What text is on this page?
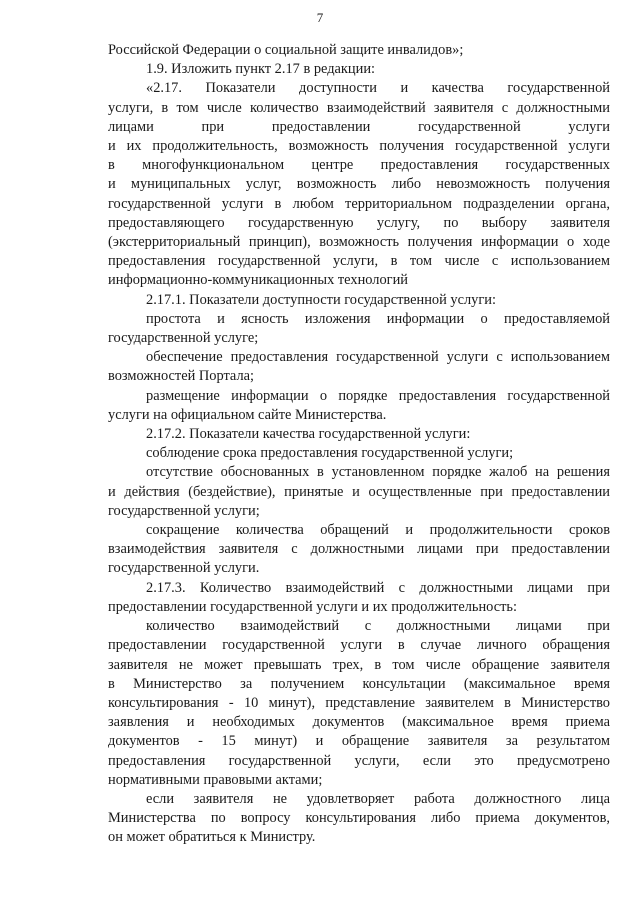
7

Российской Федерации о социальной защите инвалидов»;

1.9. Изложить пункт 2.17 в редакции:

«2.17. Показатели доступности и качества государственной
услуги, в том числе количество взаимодействий заявителя с должностными
лицами при предоставлении государственной услуги
и их продолжительность, возможность получения государственной услуги
в многофункциональном центре предоставления государственных
и муниципальных услуг, возможность либо невозможность получения
государственной услуги в любом территориальном подразделении органа,
предоставляющего государственную услугу, по выбору заявителя
(экстерриториальный принцип), возможность получения информации о ходе
предоставления государственной услуги, в том числе с использованием
информационно-коммуникационных технологий

2.17.1. Показатели доступности государственной услуги:

простота и ясность изложения информации о предоставляемой
государственной услуге;

обеспечение предоставления государственной услуги с использованием
возможностей Портала;

размещение информации о порядке предоставления государственной
услуги на официальном сайте Министерства.

2.17.2. Показатели качества государственной услуги:

соблюдение срока предоставления государственной услуги;

отсутствие обоснованных в установленном порядке жалоб на решения
и действия (бездействие), принятые и осуществленные при предоставлении
государственной услуги;

сокращение количества обращений и продолжительности сроков
взаимодействия заявителя с должностными лицами при предоставлении
государственной услуги.

2.17.3. Количество взаимодействий с должностными лицами при
предоставлении государственной услуги и их продолжительность:

количество взаимодействий с должностными лицами при
предоставлении государственной услуги в случае личного обращения
заявителя не может превышать трех, в том числе обращение заявителя
в Министерство за получением консультации (максимальное время
консультирования - 10 минут), представление заявителем в Министерство
заявления и необходимых документов (максимальное время приема
документов - 15 минут) и обращение заявителя за результатом
предоставления государственной услуги, если это предусмотрено
нормативными правовыми актами;

если заявителя не удовлетворяет работа должностного лица
Министерства по вопросу консультирования либо приема документов,
он может обратиться к Министру.
